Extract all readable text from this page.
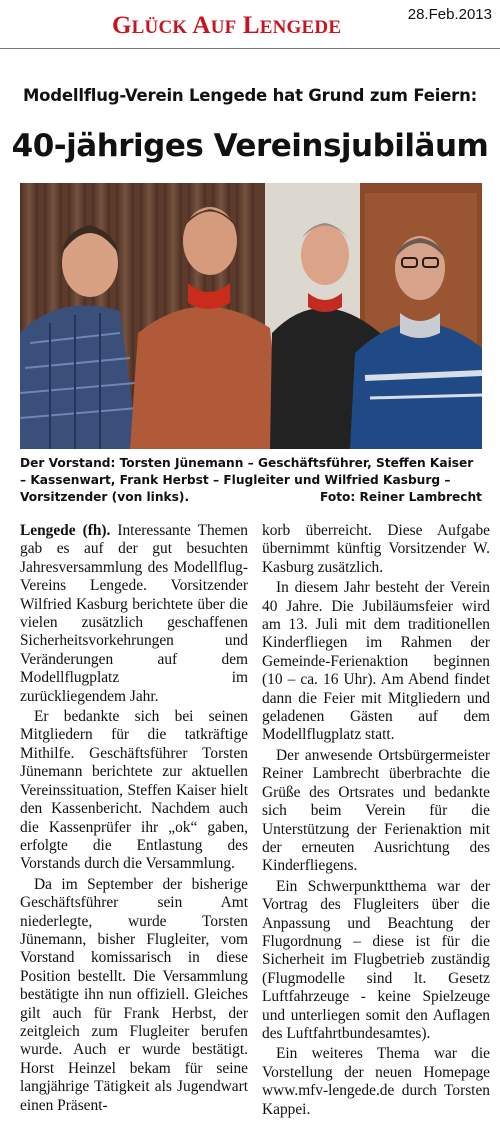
GLÜCK AUF LENGEDE
28.Feb.2013
Modellflug-Verein Lengede hat Grund zum Feiern:
40-jähriges Vereinsjubiläum
Der Vorstand: Torsten Jünemann – Geschäftsführer, Steffen Kaiser – Kassenwart, Frank Herbst – Flugleiter und Wilfried Kasburg – Vorsitzender (von links).	Foto: Reiner Lambrecht

Lengede (fh). Interessante Themen gab es auf der gut besuchten Jahresversammlung des Modellflug-Vereins Lengede. Vorsitzender Wilfried Kasburg berichtete über die vielen zusätzlich geschaffenen Sicherheitsvorkehrungen und Veränderungen auf dem Modellflugplatz im zurückliegendem Jahr.

Er bedankte sich bei seinen Mitgliedern für die tatkräftige Mithilfe. Geschäftsführer Torsten Jünemann berichtete zur aktuellen Vereinssituation, Steffen Kaiser hielt den Kassenbericht. Nachdem auch die Kassenprüfer ihr „ok“ gaben, erfolgte die Entlastung des Vorstands durch die Versammlung.

Da im September der bisherige Geschäftsführer sein Amt niederlegte, wurde Torsten Jünemann, bisher Flugleiter, vom Vorstand komissarisch in diese Position bestellt. Die Versammlung bestätigte ihn nun offiziell. Gleiches gilt auch für Frank Herbst, der zeitgleich zum Flugleiter berufen wurde. Auch er wurde bestätigt. Horst Heinzel bekam für seine langjährige Tätigkeit als Jugendwart einen Präsent-

korb überreicht. Diese Aufgabe übernimmt künftig Vorsitzender W. Kasburg zusätzlich.

In diesem Jahr besteht der Verein 40 Jahre. Die Jubiläumsfeier wird am 13. Juli mit dem traditionellen Kinderfliegen im Rahmen der Gemeinde-Ferienaktion beginnen (10 – ca. 16 Uhr). Am Abend findet dann die Feier mit Mitgliedern und geladenen Gästen auf dem Modellflugplatz statt.

Der anwesende Ortsbürgermeister Reiner Lambrecht überbrachte die Grüße des Ortsrates und bedankte sich beim Verein für die Unterstützung der Ferienaktion mit der erneuten Ausrichtung des Kinderfliegens.

Ein Schwerpunktthema war der Vortrag des Flugleiters über die Anpassung und Beachtung der Flugordnung – diese ist für die Sicherheit im Flugbetrieb zuständig (Flugmodelle sind lt. Gesetz Luftfahrzeuge - keine Spielzeuge und unterliegen somit den Auflagen des Luftfahrtbundesamtes).

Ein weiteres Thema war die Vorstellung der neuen Homepage www.mfv-lengede.de durch Torsten Kappei.
